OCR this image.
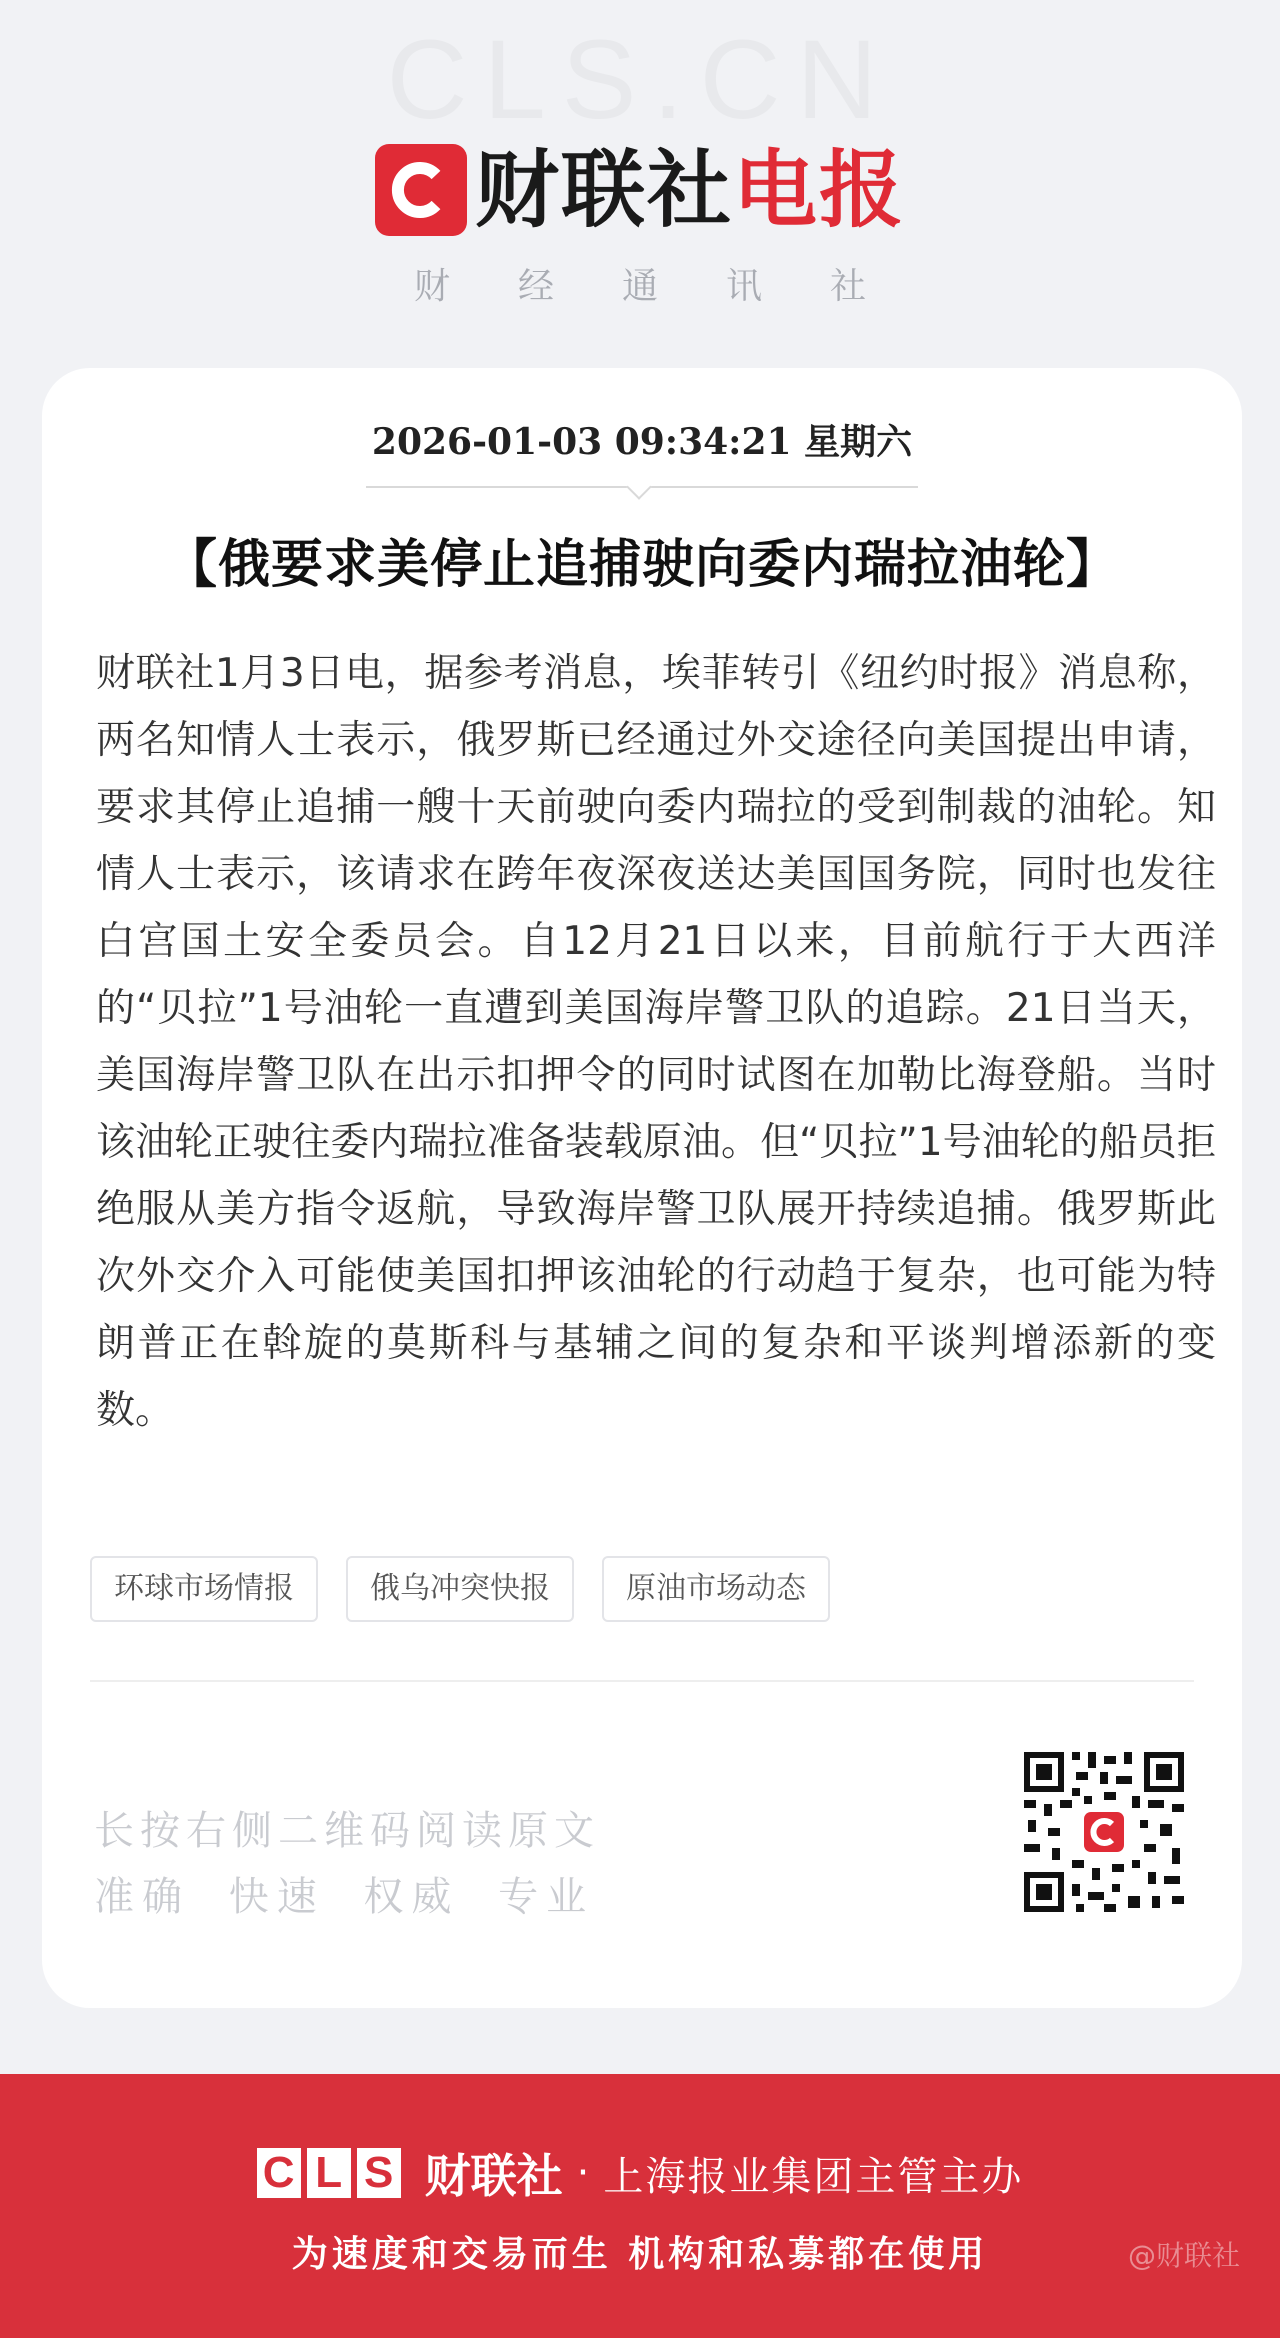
CLS.CN
财联社电报
财经通讯社
2026-01-03 09:34:21 星期六
【俄要求美停止追捕驶向委内瑞拉油轮】
财联社1月3日电，据参考消息，埃菲转引《纽约时报》消息称，两名知情人士表示，俄罗斯已经通过外交途径向美国提出申请，要求其停止追捕一艘十天前驶向委内瑞拉的受到制裁的油轮。知情人士表示，该请求在跨年夜深夜送达美国国务院，同时也发往白宫国土安全委员会。自12月21日以来，目前航行于大西洋的“贝拉”1号油轮一直遭到美国海岸警卫队的追踪。21日当天，美国海岸警卫队在出示扣押令的同时试图在加勒比海登船。当时该油轮正驶往委内瑞拉准备装载原油。但“贝拉”1号油轮的船员拒绝服从美方指令返航，导致海岸警卫队展开持续追捕。俄罗斯此次外交介入可能使美国扣押该油轮的行动趋于复杂，也可能为特朗普正在斡旋的莫斯科与基辅之间的复杂和平谈判增添新的变数。
环球市场情报	俄乌冲突快报	原油市场动态
长按右侧二维码阅读原文
准确 快速 权威 专业
C L S 财联社 · 上海报业集团主管主办
为速度和交易而生 机构和私募都在使用	@财联社
